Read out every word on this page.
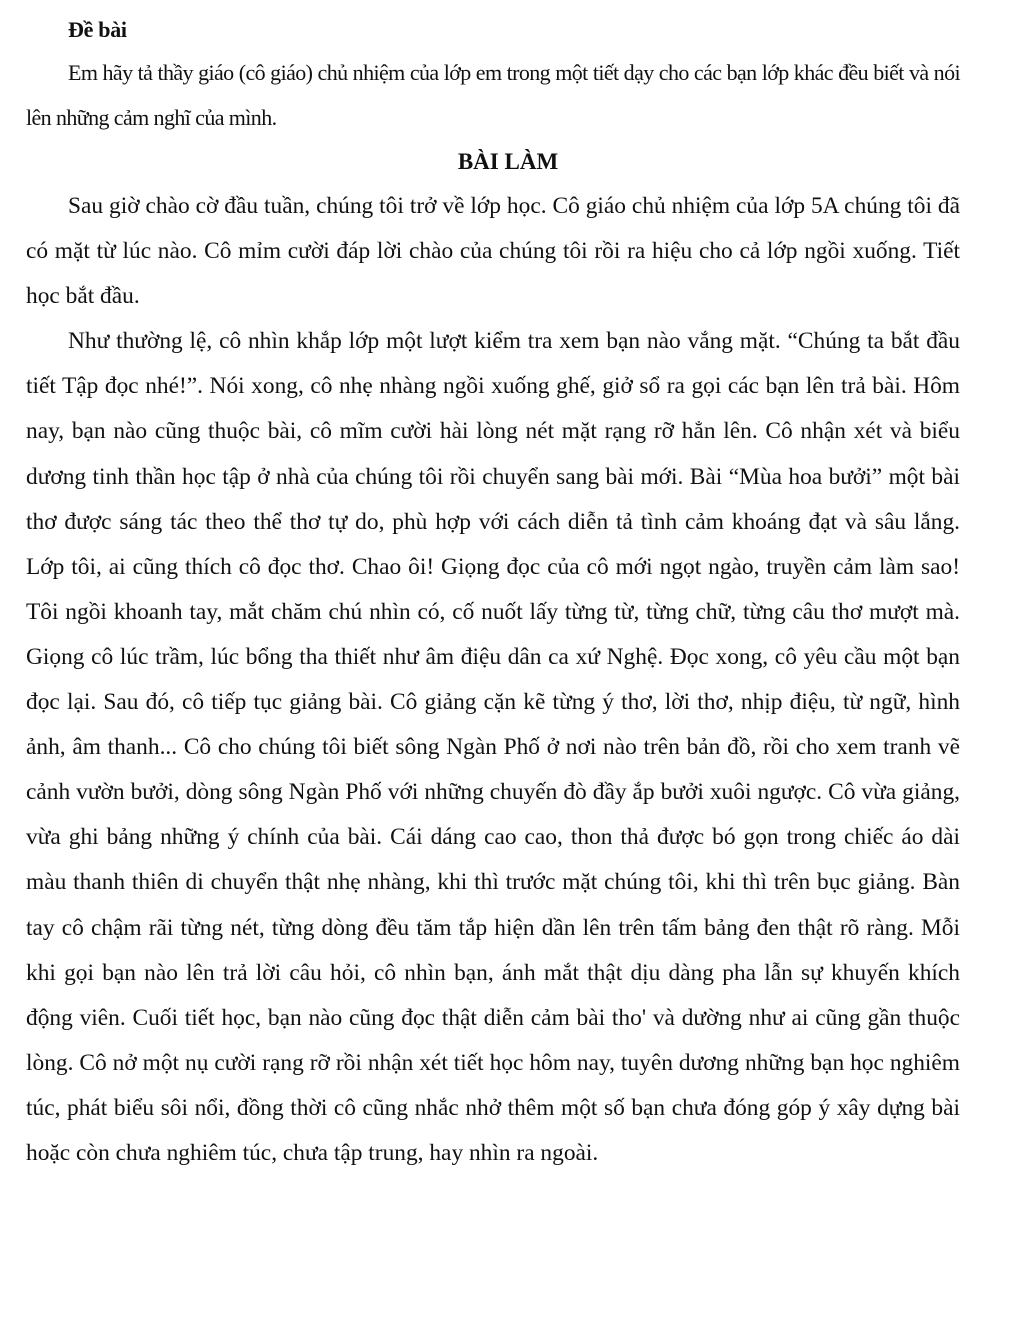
Đề bài

Em hãy tả thầy giáo (cô giáo) chủ nhiệm của lớp em trong một tiết dạy cho các bạn lớp khác đều biết và nói lên những cảm nghĩ của mình.

BÀI LÀM

Sau giờ chào cờ đầu tuần, chúng tôi trở về lớp học. Cô giáo chủ nhiệm của lớp 5A chúng tôi đã có mặt từ lúc nào. Cô mỉm cười đáp lời chào của chúng tôi rồi ra hiệu cho cả lớp ngồi xuống. Tiết học bắt đầu.

Như thường lệ, cô nhìn khắp lớp một lượt kiểm tra xem bạn nào vắng mặt. “Chúng ta bắt đầu tiết Tập đọc nhé!”. Nói xong, cô nhẹ nhàng ngồi xuống ghế, giở sổ ra gọi các bạn lên trả bài. Hôm nay, bạn nào cũng thuộc bài, cô mĩm cười hài lòng nét mặt rạng rỡ hẳn lên. Cô nhận xét và biểu dương tinh thần học tập ở nhà của chúng tôi rồi chuyển sang bài mới. Bài “Mùa hoa bưởi” một bài thơ được sáng tác theo thể thơ tự do, phù hợp với cách diễn tả tình cảm khoáng đạt và sâu lắng. Lớp tôi, ai cũng thích cô đọc thơ. Chao ôi! Giọng đọc của cô mới ngọt ngào, truyền cảm làm sao! Tôi ngồi khoanh tay, mắt chăm chú nhìn có, cố nuốt lấy từng từ, từng chữ, từng câu thơ mượt mà. Giọng cô lúc trầm, lúc bổng tha thiết như âm điệu dân ca xứ Nghệ. Đọc xong, cô yêu cầu một bạn đọc lại. Sau đó, cô tiếp tục giảng bài. Cô giảng cặn kẽ từng ý thơ, lời thơ, nhịp điệu, từ ngữ, hình ảnh, âm thanh... Cô cho chúng tôi biết sông Ngàn Phố ở nơi nào trên bản đồ, rồi cho xem tranh vẽ cảnh vườn bưởi, dòng sông Ngàn Phố với những chuyến đò đầy ắp bưởi xuôi ngược. Cô vừa giảng, vừa ghi bảng những ý chính của bài. Cái dáng cao cao, thon thả được bó gọn trong chiếc áo dài màu thanh thiên di chuyển thật nhẹ nhàng, khi thì trước mặt chúng tôi, khi thì trên bục giảng. Bàn tay cô chậm rãi từng nét, từng dòng đều tăm tắp hiện dần lên trên tấm bảng đen thật rõ ràng. Mỗi khi gọi bạn nào lên trả lời câu hỏi, cô nhìn bạn, ánh mắt thật dịu dàng pha lẫn sự khuyến khích động viên. Cuối tiết học, bạn nào cũng đọc thật diễn cảm bài tho' và dường như ai cũng gần thuộc lòng. Cô nở một nụ cười rạng rỡ rồi nhận xét tiết học hôm nay, tuyên dương những bạn học nghiêm túc, phát biểu sôi nổi, đồng thời cô cũng nhắc nhở thêm một số bạn chưa đóng góp ý xây dựng bài hoặc còn chưa nghiêm túc, chưa tập trung, hay nhìn ra ngoài.
